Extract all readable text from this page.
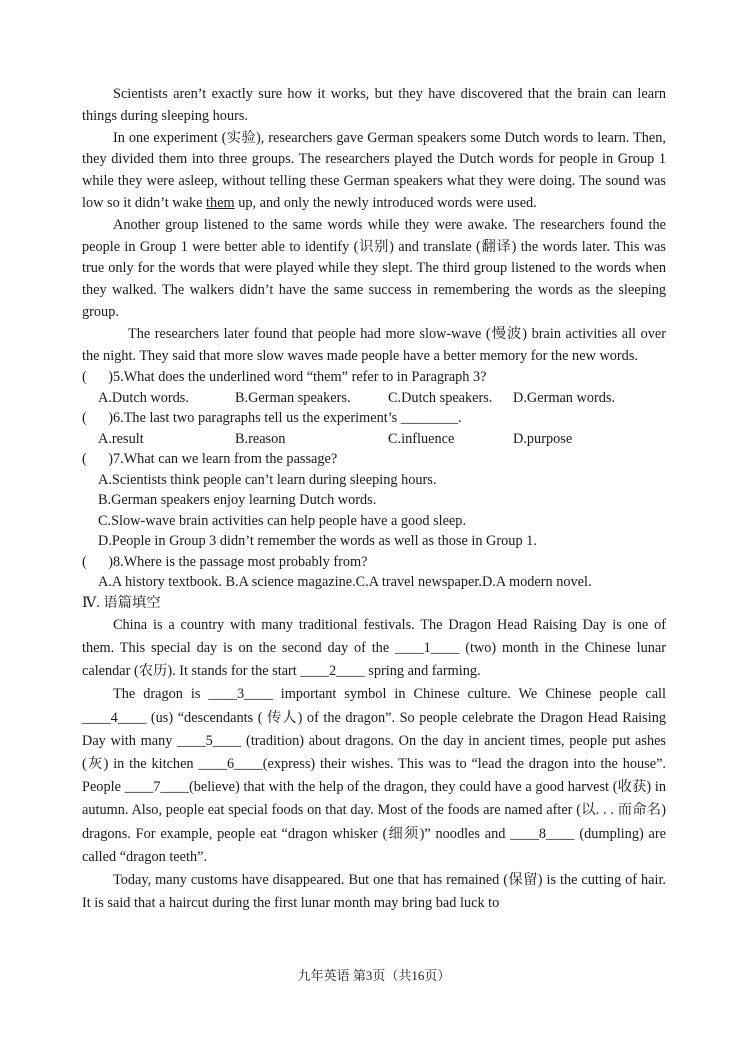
Scientists aren’t exactly sure how it works, but they have discovered that the brain can learn things during sleeping hours.

In one experiment (实验), researchers gave German speakers some Dutch words to learn. Then, they divided them into three groups. The researchers played the Dutch words for people in Group 1 while they were asleep, without telling these German speakers what they were doing. The sound was low so it didn’t wake them up, and only the newly introduced words were used.

Another group listened to the same words while they were awake. The researchers found the people in Group 1 were better able to identify (识别) and translate (翻译) the words later. This was true only for the words that were played while they slept. The third group listened to the words when they walked. The walkers didn’t have the same success in remembering the words as the sleeping group.

The researchers later found that people had more slow-wave (慢波) brain activities all over the night. They said that more slow waves made people have a better memory for the new words.

(      )5.What does the underlined word “them” refer to in Paragraph 3?

A.Dutch words.	B.German speakers.	C.Dutch speakers.	D.German words.

(      )6.The last two paragraphs tell us the experiment’s ________.

A.result	B.reason	C.influence	D.purpose

(      )7.What can we learn from the passage?

A.Scientists think people can’t learn during sleeping hours.

B.German speakers enjoy learning Dutch words.

C.Slow-wave brain activities can help people have a good sleep.

D.People in Group 3 didn’t remember the words as well as those in Group 1.

(      )8.Where is the passage most probably from?

A.A history textbook. B.A science magazine.C.A travel newspaper.D.A modern novel.

Ⅳ. 语篇填空

China is a country with many traditional festivals. The Dragon Head Raising Day is one of them. This special day is on the second day of the ____1____ (two) month in the Chinese lunar calendar (农历). It stands for the start ____2____ spring and farming.

The dragon is ____3____ important symbol in Chinese culture. We Chinese people call ____4____ (us) “descendants ( 传人) of the dragon”. So people celebrate the Dragon Head Raising Day with many ____5____ (tradition) about dragons. On the day in ancient times, people put ashes (灰) in the kitchen ____6____(express) their wishes. This was to “lead the dragon into the house”. People ____7____(believe) that with the help of the dragon, they could have a good harvest (收获) in autumn. Also, people eat special foods on that day. Most of the foods are named after (以. . . 而命名) dragons. For example, people eat “dragon whisker (细须)” noodles and ____8____ (dumpling) are called “dragon teeth”.

Today, many customs have disappeared. But one that has remained (保留) is the cutting of hair. It is said that a haircut during the first lunar month may bring bad luck to

九年英语 第3页（共16页）
